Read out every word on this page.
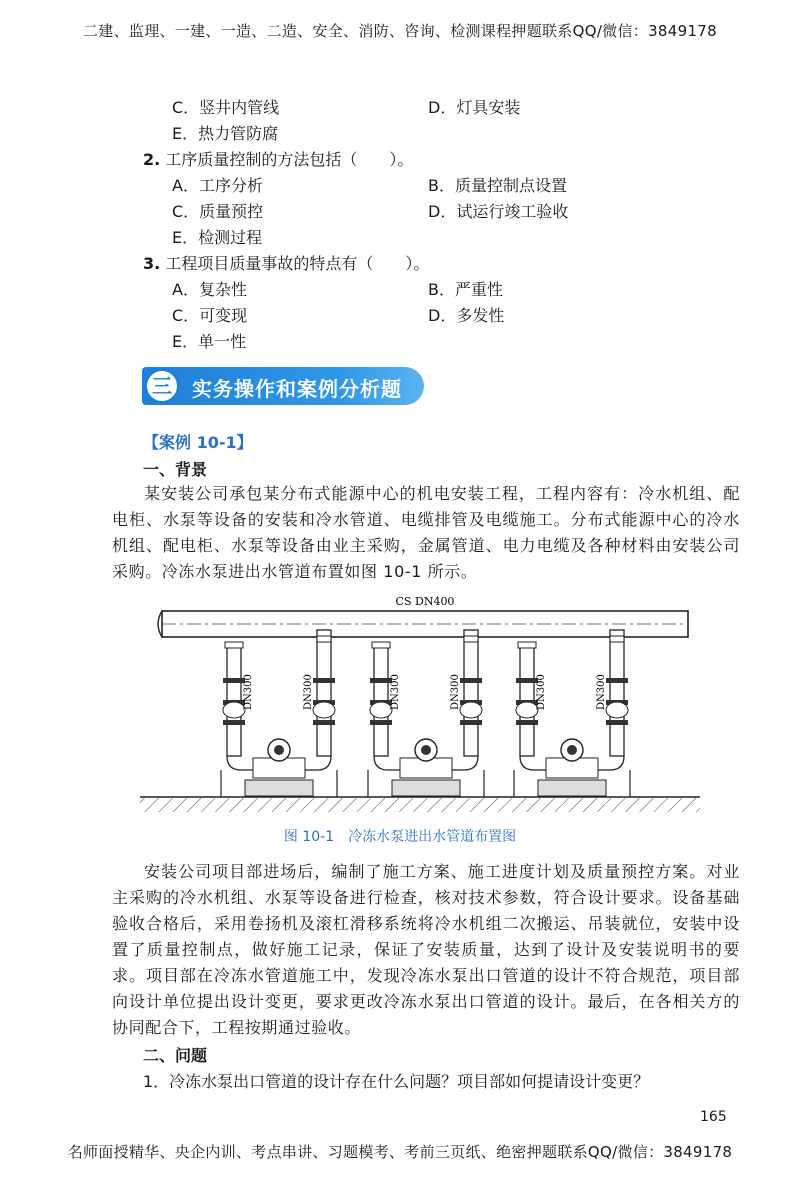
二建、监理、一建、一造、二造、安全、消防、咨询、检测课程押题联系QQ/微信：3849178
C．竖井内管线	D．灯具安装
E．热力管防腐
2. 工序质量控制的方法包括（　　）。
A．工序分析	B．质量控制点设置
C．质量预控	D．试运行竣工验收
E．检测过程
3. 工程项目质量事故的特点有（　　）。
A．复杂性	B．严重性
C．可变现	D．多发性
E．单一性
三	实务操作和案例分析题
【案例 10-1】
一、背景
某安装公司承包某分布式能源中心的机电安装工程，工程内容有：冷水机组、配电柜、水泵等设备的安装和冷水管道、电缆排管及电缆施工。分布式能源中心的冷水机组、配电柜、水泵等设备由业主采购，金属管道、电力电缆及各种材料由安装公司采购。冷冻水泵进出水管道布置如图 10-1 所示。
CS DN400
DN300	DN300	DN300	DN300	DN300	DN300
图 10-1　冷冻水泵进出水管道布置图
安装公司项目部进场后，编制了施工方案、施工进度计划及质量预控方案。对业主采购的冷水机组、水泵等设备进行检查，核对技术参数，符合设计要求。设备基础验收合格后，采用卷扬机及滚杠滑移系统将冷水机组二次搬运、吊装就位，安装中设置了质量控制点，做好施工记录，保证了安装质量，达到了设计及安装说明书的要求。项目部在冷冻水管道施工中，发现冷冻水泵出口管道的设计不符合规范，项目部向设计单位提出设计变更，要求更改冷冻水泵出口管道的设计。最后，在各相关方的协同配合下，工程按期通过验收。
二、问题
1．冷冻水泵出口管道的设计存在什么问题？项目部如何提请设计变更？
165
名师面授精华、央企内训、考点串讲、习题模考、考前三页纸、绝密押题联系QQ/微信：3849178
